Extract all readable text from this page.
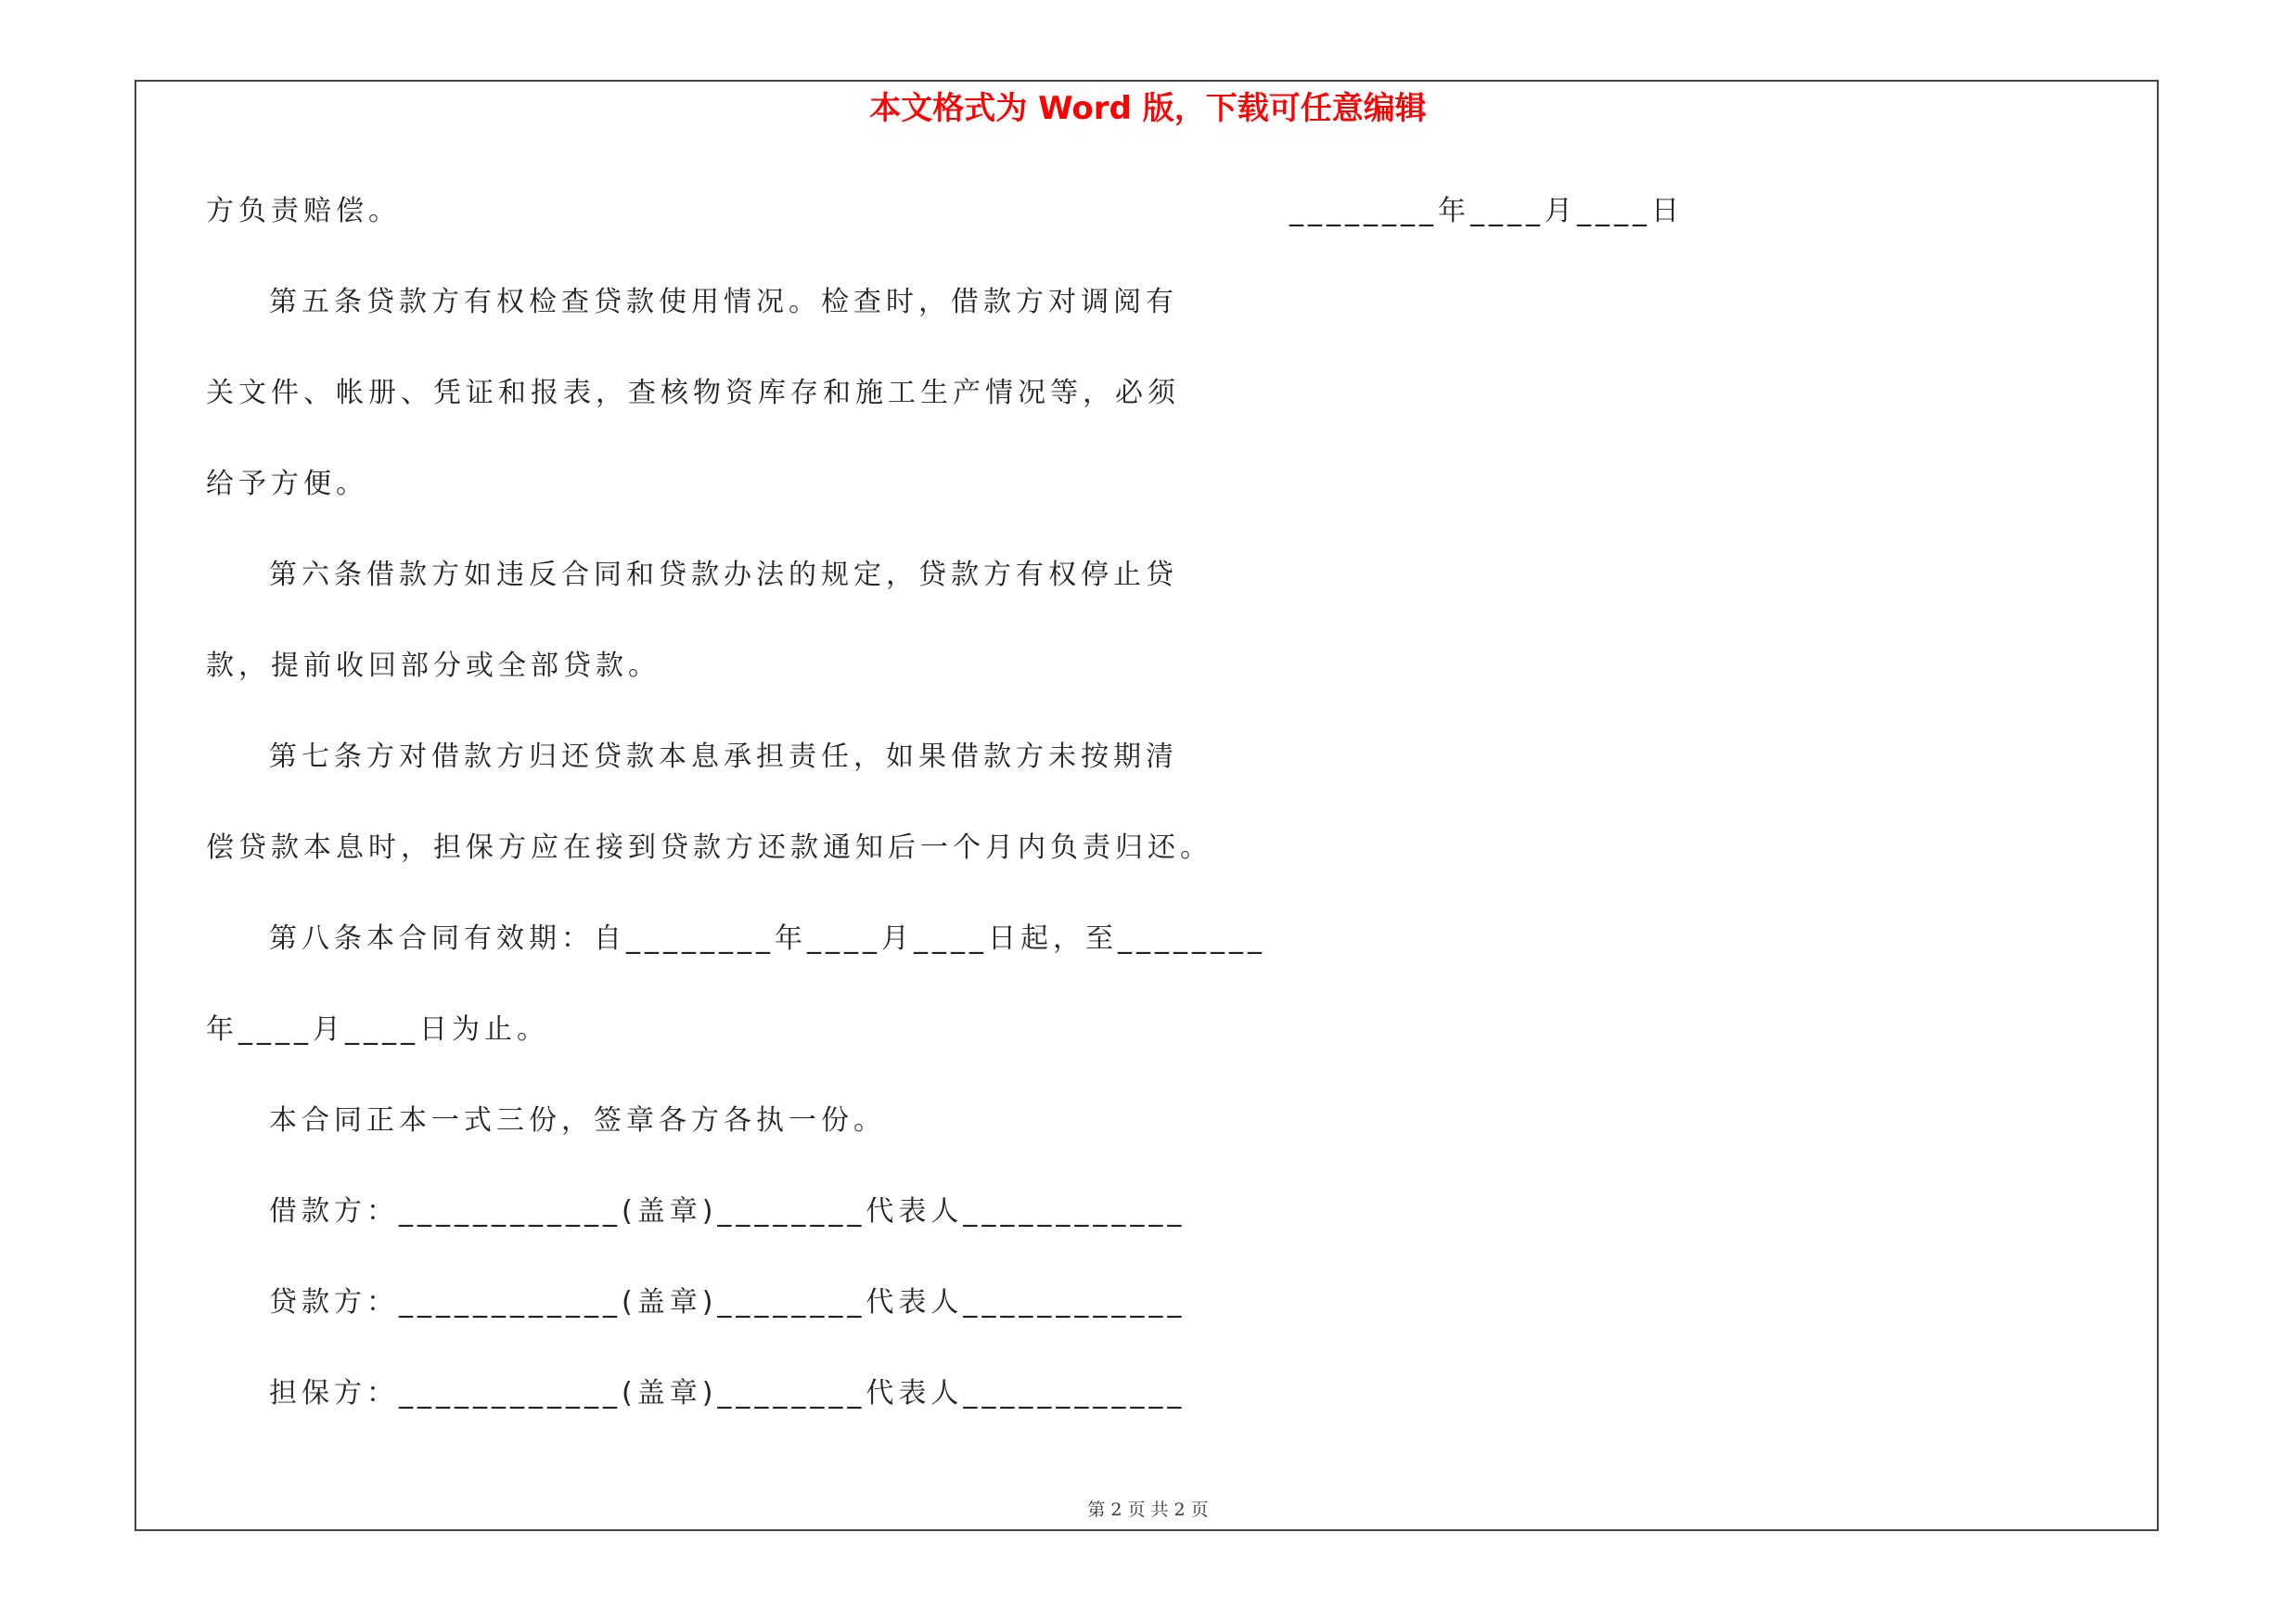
本文格式为 Word 版，下载可任意编辑
方负责赔偿。
第五条贷款方有权检查贷款使用情况。检查时，借款方对调阅有
关文件、帐册、凭证和报表，查核物资库存和施工生产情况等，必须
给予方便。
第六条借款方如违反合同和贷款办法的规定，贷款方有权停止贷
款，提前收回部分或全部贷款。
第七条方对借款方归还贷款本息承担责任，如果借款方未按期清
偿贷款本息时，担保方应在接到贷款方还款通知后一个月内负责归还。
第八条本合同有效期：自________年____月____日起，至________
年____月____日为止。
本合同正本一式三份，签章各方各执一份。
借款方：____________(盖章)________代表人____________
贷款方：____________(盖章)________代表人____________
担保方：____________(盖章)________代表人____________
________年____月____日
第 2 页 共 2 页
